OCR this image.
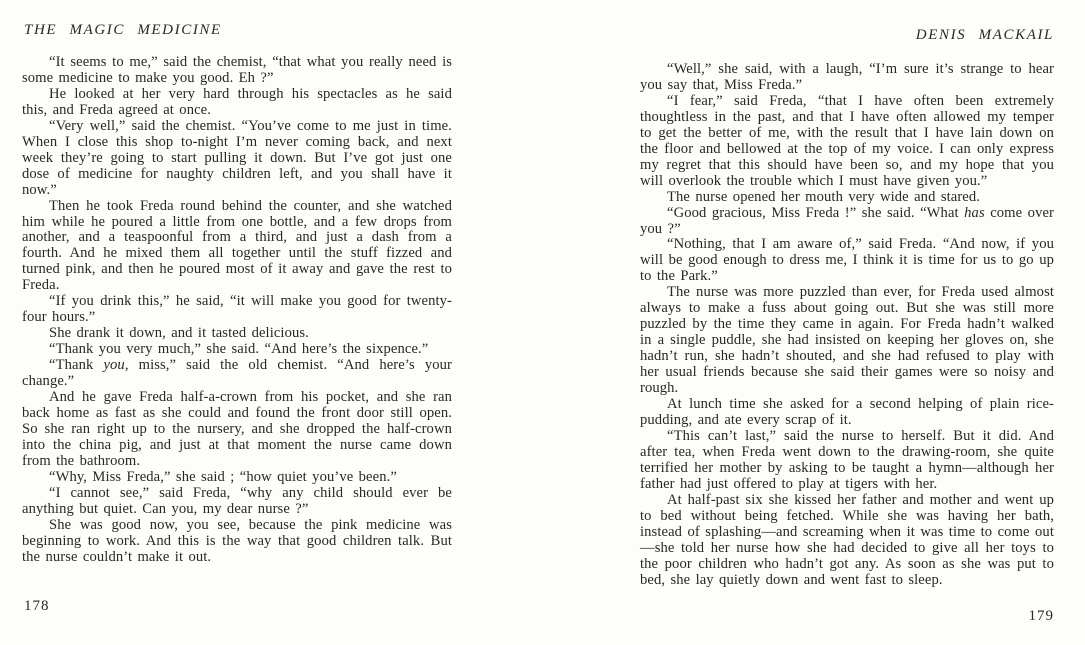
THE MAGIC MEDICINE

“It seems to me,” said the chemist, “that what you really need is some medicine to make you good. Eh ?”

He looked at her very hard through his spectacles as he said this, and Freda agreed at once.

“Very well,” said the chemist. “You’ve come to me just in time. When I close this shop to-night I’m never coming back, and next week they’re going to start pulling it down. But I’ve got just one dose of medicine for naughty children left, and you shall have it now.”

Then he took Freda round behind the counter, and she watched him while he poured a little from one bottle, and a few drops from another, and a teaspoonful from a third, and just a dash from a fourth. And he mixed them all together until the stuff fizzed and turned pink, and then he poured most of it away and gave the rest to Freda.

“If you drink this,” he said, “it will make you good for twenty-four hours.”

She drank it down, and it tasted delicious.

“Thank you very much,” she said. “And here’s the sixpence.”

“Thank you, miss,” said the old chemist. “And here’s your change.”

And he gave Freda half-a-crown from his pocket, and she ran back home as fast as she could and found the front door still open. So she ran right up to the nursery, and she dropped the half-crown into the china pig, and just at that moment the nurse came down from the bathroom.

“Why, Miss Freda,” she said ; “how quiet you’ve been.”

“I cannot see,” said Freda, “why any child should ever be anything but quiet. Can you, my dear nurse ?”

She was good now, you see, because the pink medicine was beginning to work. And this is the way that good children talk. But the nurse couldn’t make it out.

178
DENIS MACKAIL

“Well,” she said, with a laugh, “I’m sure it’s strange to hear you say that, Miss Freda.”

“I fear,” said Freda, “that I have often been extremely thoughtless in the past, and that I have often allowed my temper to get the better of me, with the result that I have lain down on the floor and bellowed at the top of my voice. I can only express my regret that this should have been so, and my hope that you will overlook the trouble which I must have given you.”

The nurse opened her mouth very wide and stared.

“Good gracious, Miss Freda !” she said. “What has come over you ?”

“Nothing, that I am aware of,” said Freda. “And now, if you will be good enough to dress me, I think it is time for us to go up to the Park.”

The nurse was more puzzled than ever, for Freda used almost always to make a fuss about going out. But she was still more puzzled by the time they came in again. For Freda hadn’t walked in a single puddle, she had insisted on keeping her gloves on, she hadn’t run, she hadn’t shouted, and she had refused to play with her usual friends because she said their games were so noisy and rough.

At lunch time she asked for a second helping of plain rice-pudding, and ate every scrap of it.

“This can’t last,” said the nurse to herself. But it did. And after tea, when Freda went down to the drawing-room, she quite terrified her mother by asking to be taught a hymn—although her father had just offered to play at tigers with her.

At half-past six she kissed her father and mother and went up to bed without being fetched. While she was having her bath, instead of splashing—and screaming when it was time to come out—she told her nurse how she had decided to give all her toys to the poor children who hadn’t got any. As soon as she was put to bed, she lay quietly down and went fast to sleep.

179
